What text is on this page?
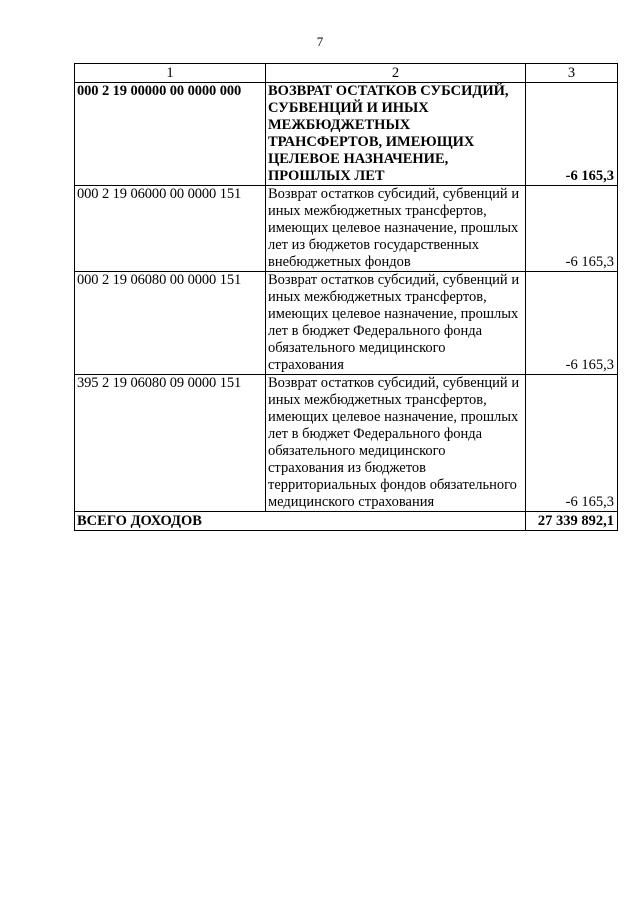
7
1	2	3
000 2 19 00000 00 0000 000	ВОЗВРАТ ОСТАТКОВ СУБСИДИЙ, СУБВЕНЦИЙ И ИНЫХ МЕЖБЮДЖЕТНЫХ ТРАНСФЕРТОВ, ИМЕЮЩИХ ЦЕЛЕВОЕ НАЗНАЧЕНИЕ, ПРОШЛЫХ ЛЕТ	-6 165,3
000 2 19 06000 00 0000 151	Возврат остатков субсидий, субвенций и иных межбюджетных трансфертов, имеющих целевое назначение, прошлых лет из бюджетов государственных внебюджетных фондов	-6 165,3
000 2 19 06080 00 0000 151	Возврат остатков субсидий, субвенций и иных межбюджетных трансфертов, имеющих целевое назначение, прошлых лет в бюджет Федерального фонда обязательного медицинского страхования	-6 165,3
395 2 19 06080 09 0000 151	Возврат остатков субсидий, субвенций и иных межбюджетных трансфертов, имеющих целевое назначение, прошлых лет в бюджет Федерального фонда обязательного медицинского страхования из бюджетов территориальных фондов обязательного медицинского страхования	-6 165,3
ВСЕГО ДОХОДОВ		27 339 892,1
